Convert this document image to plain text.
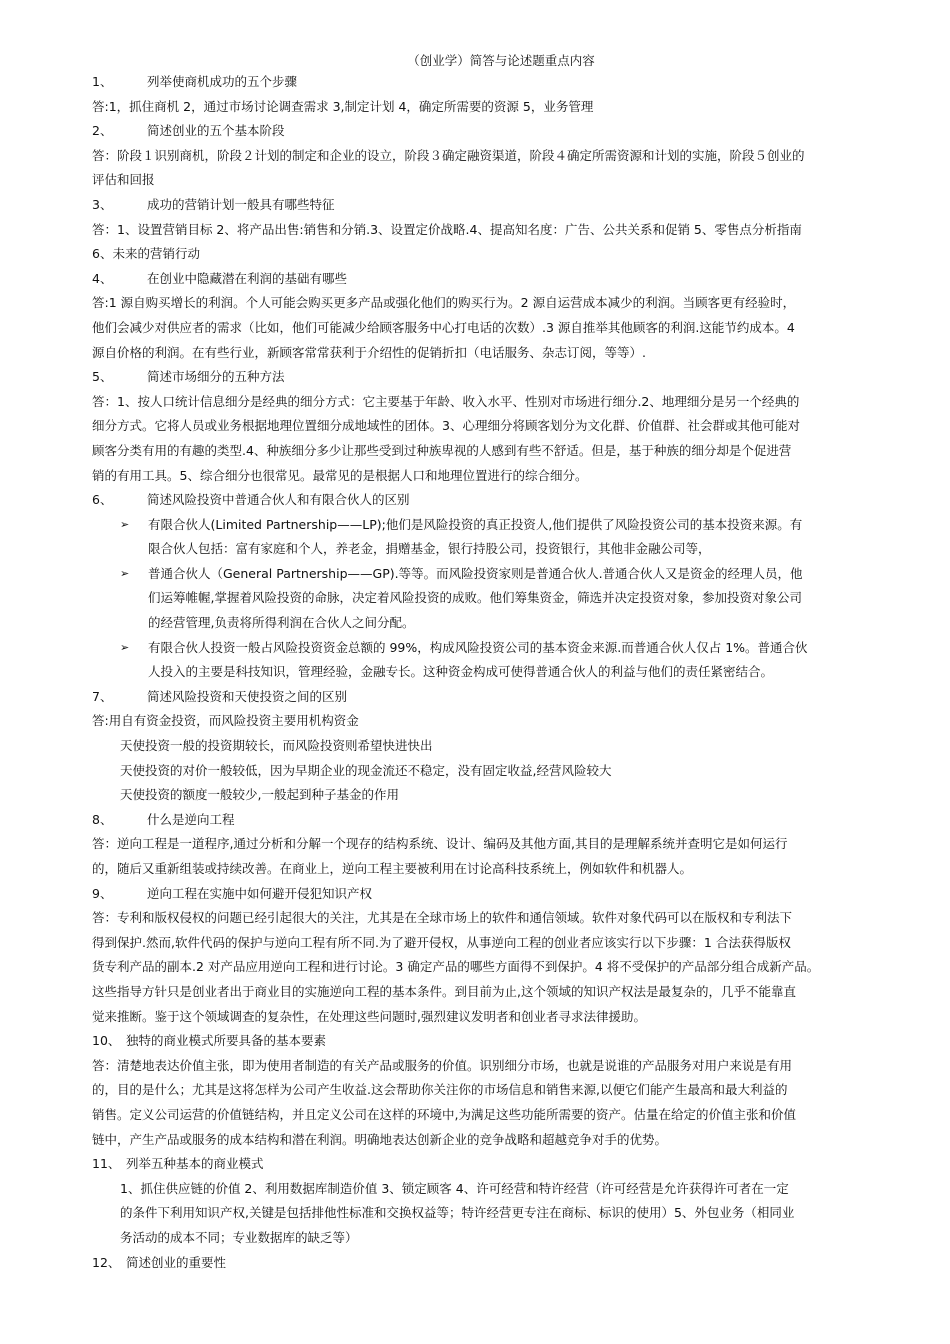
（创业学）简答与论述题重点内容
1、	列举使商机成功的五个步骤
答:1，抓住商机 2，通过市场讨论调查需求 3,制定计划 4，确定所需要的资源 5，业务管理
2、	简述创业的五个基本阶段
答：阶段１识别商机，阶段２计划的制定和企业的设立，阶段３确定融资渠道，阶段４确定所需资源和计划的实施，阶段５创业的
评估和回报
3、	成功的营销计划一般具有哪些特征
答：1、设置营销目标 2、将产品出售:销售和分销.3、设置定价战略.4、提高知名度：广告、公共关系和促销 5、零售点分析指南
6、未来的营销行动
4、	在创业中隐藏潜在利润的基础有哪些
答:1 源自购买增长的利润。个人可能会购买更多产品或强化他们的购买行为。2 源自运营成本减少的利润。当顾客更有经验时，
他们会减少对供应者的需求（比如，他们可能减少给顾客服务中心打电话的次数）.3 源自推举其他顾客的利润.这能节约成本。4
源自价格的利润。在有些行业，新顾客常常获利于介绍性的促销折扣（电话服务、杂志订阅，等等）.
5、	简述市场细分的五种方法
答：1、按人口统计信息细分是经典的细分方式：它主要基于年龄、收入水平、性别对市场进行细分.2、地理细分是另一个经典的
细分方式。它将人员或业务根据地理位置细分成地域性的团体。3、心理细分将顾客划分为文化群、价值群、社会群或其他可能对
顾客分类有用的有趣的类型.4、种族细分多少让那些受到过种族卑视的人感到有些不舒适。但是，基于种族的细分却是个促进营
销的有用工具。5、综合细分也很常见。最常见的是根据人口和地理位置进行的综合细分。
6、	简述风险投资中普通合伙人和有限合伙人的区别
➢ 有限合伙人(Limited Partnership——LP);他们是风险投资的真正投资人,他们提供了风险投资公司的基本投资来源。有
限合伙人包括：富有家庭和个人，养老金，捐赠基金，银行持股公司，投资银行，其他非金融公司等，
➢ 普通合伙人（General Partnership——GP).等等。而风险投资家则是普通合伙人.普通合伙人又是资金的经理人员，他
们运筹帷幄,掌握着风险投资的命脉，决定着风险投资的成败。他们筹集资金，筛选并决定投资对象，参加投资对象公司
的经营管理,负责将所得利润在合伙人之间分配。
➢ 有限合伙人投资一般占风险投资资金总额的 99%，构成风险投资公司的基本资金来源.而普通合伙人仅占 1%。普通合伙
人投入的主要是科技知识，管理经验，金融专长。这种资金构成可使得普通合伙人的利益与他们的责任紧密结合。
7、	简述风险投资和天使投资之间的区别
答:用自有资金投资，而风险投资主要用机构资金
天使投资一般的投资期较长，而风险投资则希望快进快出
天使投资的对价一般较低，因为早期企业的现金流还不稳定，没有固定收益,经营风险较大
天使投资的额度一般较少,一般起到种子基金的作用
8、	什么是逆向工程
答：逆向工程是一道程序,通过分析和分解一个现存的结构系统、设计、编码及其他方面,其目的是理解系统并查明它是如何运行
的，随后又重新组装或持续改善。在商业上，逆向工程主要被利用在讨论高科技系统上，例如软件和机器人。
9、	逆向工程在实施中如何避开侵犯知识产权
答：专利和版权侵权的问题已经引起很大的关注，尤其是在全球市场上的软件和通信领域。软件对象代码可以在版权和专利法下
得到保护.然而,软件代码的保护与逆向工程有所不同.为了避开侵权，从事逆向工程的创业者应该实行以下步骤：1 合法获得版权
货专利产品的副本.2 对产品应用逆向工程和进行讨论。3 确定产品的哪些方面得不到保护。4 将不受保护的产品部分组合成新产品。
这些指导方针只是创业者出于商业目的实施逆向工程的基本条件。到目前为止,这个领域的知识产权法是最复杂的，几乎不能靠直
觉来推断。鉴于这个领域调查的复杂性，在处理这些问题时,强烈建议发明者和创业者寻求法律援助。
10、 独特的商业模式所要具备的基本要素
答：清楚地表达价值主张，即为使用者制造的有关产品或服务的价值。识别细分市场，也就是说谁的产品服务对用户来说是有用
的，目的是什么；尤其是这将怎样为公司产生收益.这会帮助你关注你的市场信息和销售来源,以便它们能产生最高和最大利益的
销售。定义公司运营的价值链结构，并且定义公司在这样的环境中,为满足这些功能所需要的资产。估量在给定的价值主张和价值
链中，产生产品或服务的成本结构和潜在利润。明确地表达创新企业的竞争战略和超越竞争对手的优势。
11、 列举五种基本的商业模式
1、抓住供应链的价值 2、利用数据库制造价值 3、锁定顾客 4、许可经营和特许经营（许可经营是允许获得许可者在一定
的条件下利用知识产权,关键是包括排他性标准和交换权益等；特许经营更专注在商标、标识的使用）5、外包业务（相同业
务活动的成本不同；专业数据库的缺乏等）
12、 简述创业的重要性
